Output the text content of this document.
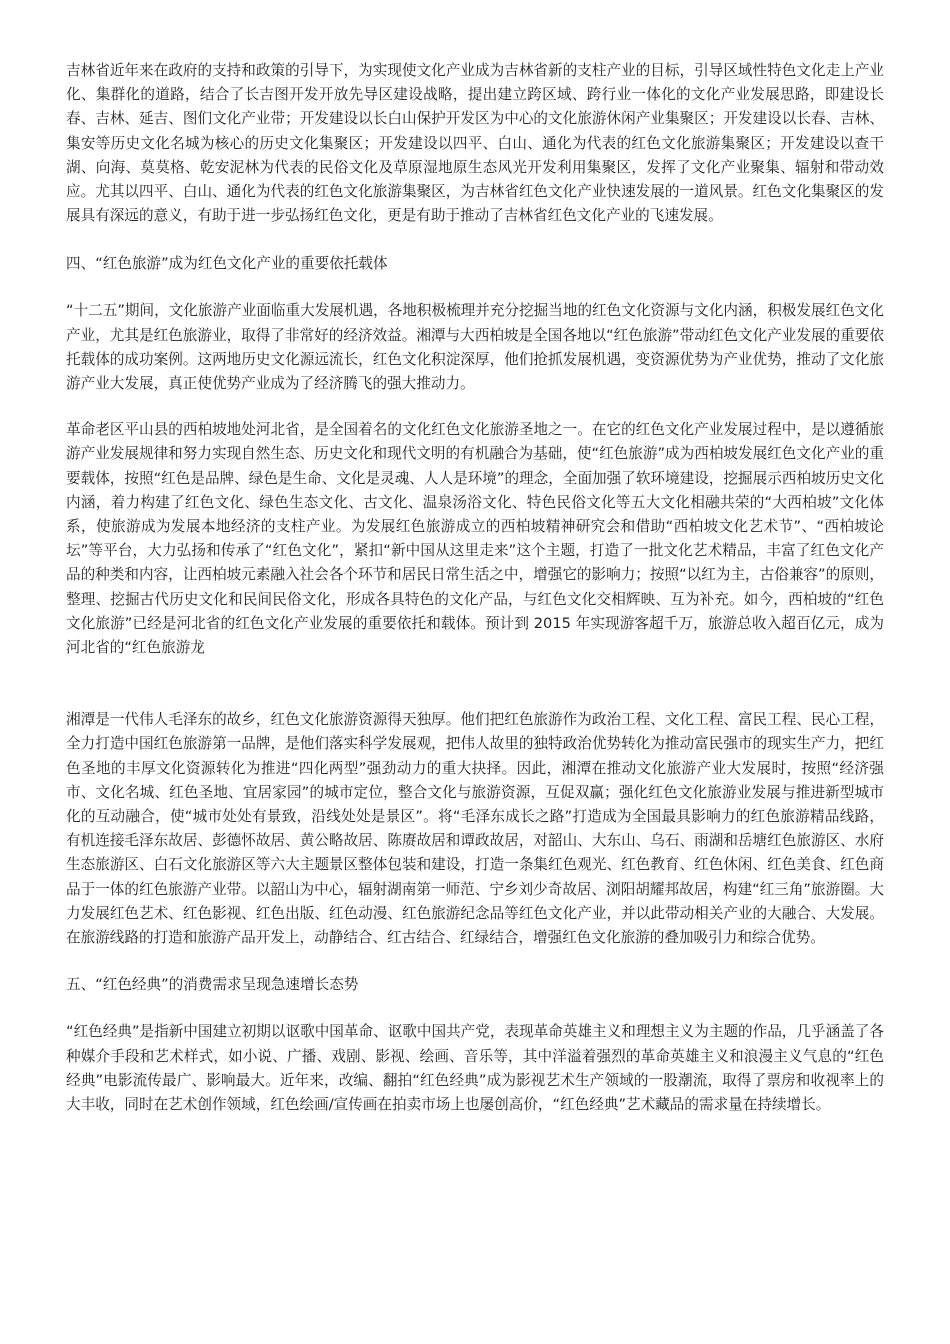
吉林省近年来在政府的支持和政策的引导下，为实现使文化产业成为吉林省新的支柱产业的目标，引导区域性特色文化走上产业化、集群化的道路，结合了长吉图开发开放先导区建设战略，提出建立跨区域、跨行业一体化的文化产业发展思路，即建设长春、吉林、延吉、图们文化产业带；开发建设以长白山保护开发区为中心的文化旅游休闲产业集聚区；开发建设以长春、吉林、集安等历史文化名城为核心的历史文化集聚区；开发建设以四平、白山、通化为代表的红色文化旅游集聚区；开发建设以查干湖、向海、莫莫格、乾安泥林为代表的民俗文化及草原湿地原生态风光开发利用集聚区，发挥了文化产业聚集、辐射和带动效应。尤其以四平、白山、通化为代表的红色文化旅游集聚区，为吉林省红色文化产业快速发展的一道风景。红色文化集聚区的发展具有深远的意义，有助于进一步弘扬红色文化，更是有助于推动了吉林省红色文化产业的飞速发展。

四、“红色旅游”成为红色文化产业的重要依托载体

“十二五”期间，文化旅游产业面临重大发展机遇，各地积极梳理并充分挖掘当地的红色文化资源与文化内涵，积极发展红色文化产业，尤其是红色旅游业，取得了非常好的经济效益。湘潭与大西柏坡是全国各地以“红色旅游”带动红色文化产业发展的重要依托载体的成功案例。这两地历史文化源远流长，红色文化积淀深厚，他们抢抓发展机遇，变资源优势为产业优势，推动了文化旅游产业大发展，真正使优势产业成为了经济腾飞的强大推动力。

革命老区平山县的西柏坡地处河北省，是全国着名的文化红色文化旅游圣地之一。在它的红色文化产业发展过程中，是以遵循旅游产业发展规律和努力实现自然生态、历史文化和现代文明的有机融合为基础，使“红色旅游”成为西柏坡发展红色文化产业的重要载体，按照“红色是品牌、绿色是生命、文化是灵魂、人人是环境”的理念，全面加强了软环境建设，挖掘展示西柏坡历史文化内涵，着力构建了红色文化、绿色生态文化、古文化、温泉汤浴文化、特色民俗文化等五大文化相融共荣的“大西柏坡”文化体系，使旅游成为发展本地经济的支柱产业。为发展红色旅游成立的西柏坡精神研究会和借助“西柏坡文化艺术节”、“西柏坡论坛”等平台，大力弘扬和传承了“红色文化”，紧扣“新中国从这里走来”这个主题，打造了一批文化艺术精品，丰富了红色文化产品的种类和内容，让西柏坡元素融入社会各个环节和居民日常生活之中，增强它的影响力；按照“以红为主，古俗兼容”的原则，整理、挖掘古代历史文化和民间民俗文化，形成各具特色的文化产品，与红色文化交相辉映、互为补充。如今，西柏坡的“红色文化旅游”已经是河北省的红色文化产业发展的重要依托和载体。预计到 2015 年实现游客超千万，旅游总收入超百亿元，成为河北省的“红色旅游龙

湘潭是一代伟人毛泽东的故乡，红色文化旅游资源得天独厚。他们把红色旅游作为政治工程、文化工程、富民工程、民心工程，全力打造中国红色旅游第一品牌，是他们落实科学发展观，把伟人故里的独特政治优势转化为推动富民强市的现实生产力，把红色圣地的丰厚文化资源转化为推进“四化两型”强劲动力的重大抉择。因此，湘潭在推动文化旅游产业大发展时，按照“经济强市、文化名城、红色圣地、宜居家园”的城市定位，整合文化与旅游资源，互促双赢；强化红色文化旅游业发展与推进新型城市化的互动融合，使“城市处处有景致，沿线处处是景区”。将“毛泽东成长之路”打造成为全国最具影响力的红色旅游精品线路，有机连接毛泽东故居、彭德怀故居、黄公略故居、陈赓故居和谭政故居，对韶山、大东山、乌石、雨湖和岳塘红色旅游区、水府生态旅游区、白石文化旅游区等六大主题景区整体包装和建设，打造一条集红色观光、红色教育、红色休闲、红色美食、红色商品于一体的红色旅游产业带。以韶山为中心，辐射湖南第一师范、宁乡刘少奇故居、浏阳胡耀邦故居，构建“红三角”旅游圈。大力发展红色艺术、红色影视、红色出版、红色动漫、红色旅游纪念品等红色文化产业，并以此带动相关产业的大融合、大发展。在旅游线路的打造和旅游产品开发上，动静结合、红古结合、红绿结合，增强红色文化旅游的叠加吸引力和综合优势。

五、“红色经典”的消费需求呈现急速增长态势

“红色经典”是指新中国建立初期以讴歌中国革命、讴歌中国共产党，表现革命英雄主义和理想主义为主题的作品，几乎涵盖了各种媒介手段和艺术样式，如小说、广播、戏剧、影视、绘画、音乐等，其中洋溢着强烈的革命英雄主义和浪漫主义气息的“红色经典”电影流传最广、影响最大。近年来，改编、翻拍“红色经典”成为影视艺术生产领域的一股潮流，取得了票房和收视率上的大丰收，同时在艺术创作领域，红色绘画/宣传画在拍卖市场上也屡创高价，“红色经典”艺术藏品的需求量在持续增长。
